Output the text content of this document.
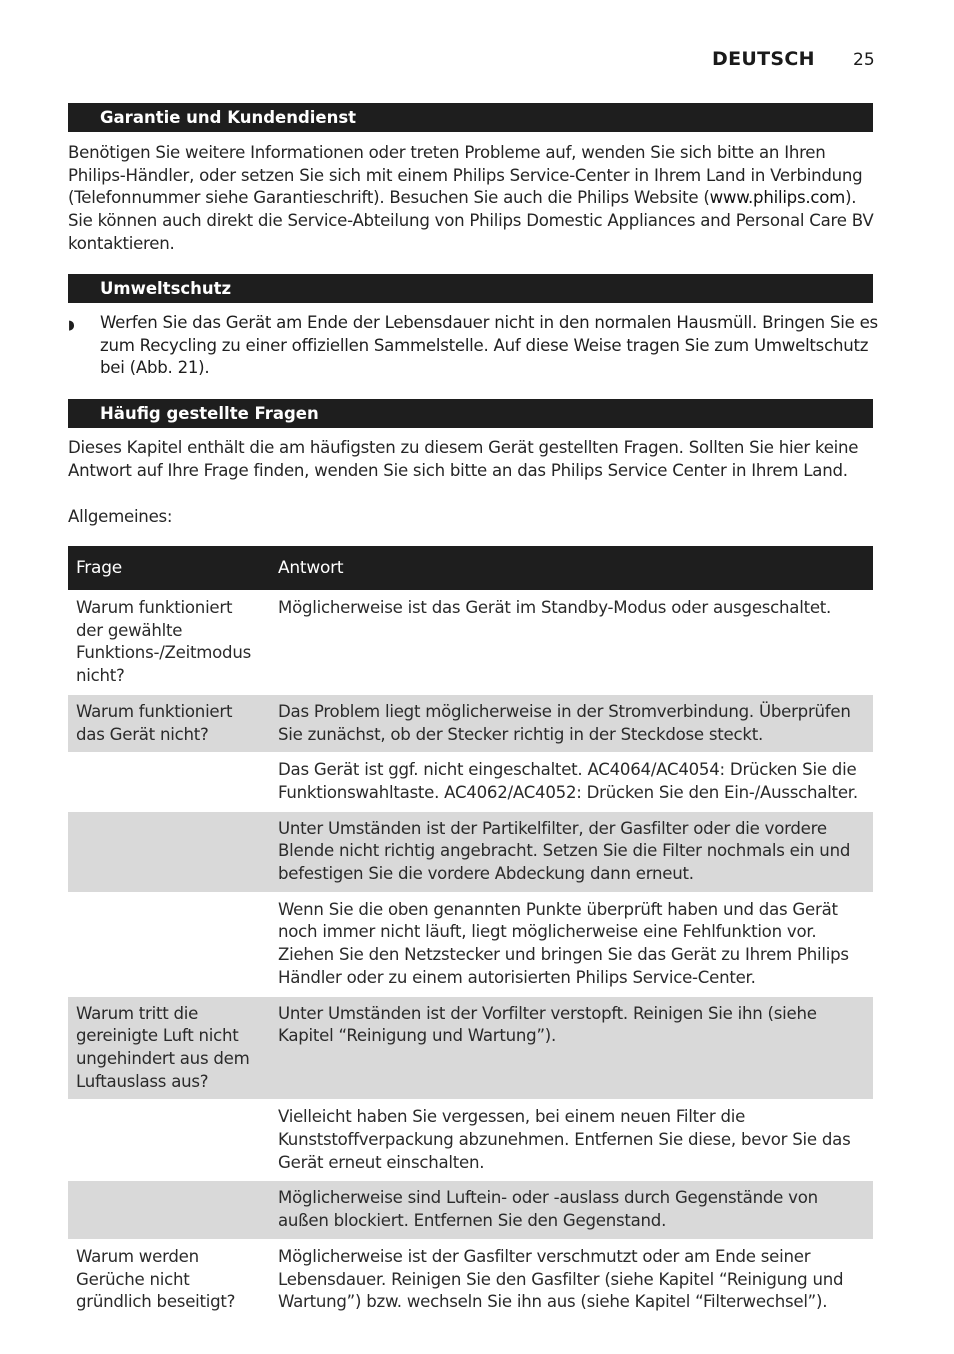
DEUTSCH 25
Garantie und Kundendienst
Benötigen Sie weitere Informationen oder treten Probleme auf, wenden Sie sich bitte an Ihren Philips-Händler, oder setzen Sie sich mit einem Philips Service-Center in Ihrem Land in Verbindung (Telefonnummer siehe Garantieschrift). Besuchen Sie auch die Philips Website (www.philips.com). Sie können auch direkt die Service-Abteilung von Philips Domestic Appliances and Personal Care BV kontaktieren.
Umweltschutz
◗ Werfen Sie das Gerät am Ende der Lebensdauer nicht in den normalen Hausmüll. Bringen Sie es zum Recycling zu einer offiziellen Sammelstelle. Auf diese Weise tragen Sie zum Umweltschutz bei (Abb. 21).
Häufig gestellte Fragen
Dieses Kapitel enthält die am häufigsten zu diesem Gerät gestellten Fragen. Sollten Sie hier keine Antwort auf Ihre Frage finden, wenden Sie sich bitte an das Philips Service Center in Ihrem Land.
Allgemeines:
Frage	Antwort
Warum funktioniert der gewählte Funktions-/Zeitmodus nicht?	Möglicherweise ist das Gerät im Standby-Modus oder ausgeschaltet.
Warum funktioniert das Gerät nicht?	Das Problem liegt möglicherweise in der Stromverbindung. Überprüfen Sie zunächst, ob der Stecker richtig in der Steckdose steckt.
	Das Gerät ist ggf. nicht eingeschaltet. AC4064/AC4054: Drücken Sie die Funktionswahltaste. AC4062/AC4052: Drücken Sie den Ein-/Ausschalter.
	Unter Umständen ist der Partikelfilter, der Gasfilter oder die vordere Blende nicht richtig angebracht. Setzen Sie die Filter nochmals ein und befestigen Sie die vordere Abdeckung dann erneut.
	Wenn Sie die oben genannten Punkte überprüft haben und das Gerät noch immer nicht läuft, liegt möglicherweise eine Fehlfunktion vor. Ziehen Sie den Netzstecker und bringen Sie das Gerät zu Ihrem Philips Händler oder zu einem autorisierten Philips Service-Center.
Warum tritt die gereinigte Luft nicht ungehindert aus dem Luftauslass aus?	Unter Umständen ist der Vorfilter verstopft. Reinigen Sie ihn (siehe Kapitel “Reinigung und Wartung”).
	Vielleicht haben Sie vergessen, bei einem neuen Filter die Kunststoffverpackung abzunehmen. Entfernen Sie diese, bevor Sie das Gerät erneut einschalten.
	Möglicherweise sind Luftein- oder -auslass durch Gegenstände von außen blockiert. Entfernen Sie den Gegenstand.
Warum werden Gerüche nicht gründlich beseitigt?	Möglicherweise ist der Gasfilter verschmutzt oder am Ende seiner Lebensdauer. Reinigen Sie den Gasfilter (siehe Kapitel “Reinigung und Wartung”) bzw. wechseln Sie ihn aus (siehe Kapitel “Filterwechsel”).
